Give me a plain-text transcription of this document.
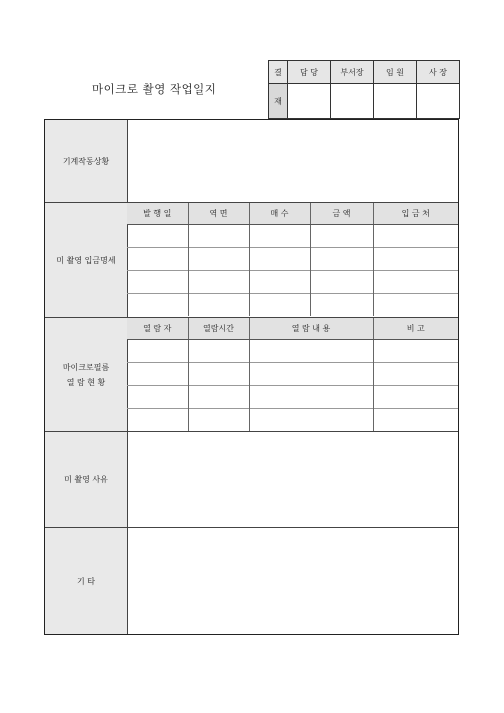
마이크로 촬영 작업일지
결	담 당	부서장	임 원	사 장
재				
기계작동상황
미 촬영 입금명세
발 행 일	역 면	매 수	금 액	입 금 처

마이크로필름
열 람 현 황
열 람 자	열람시간	열 람 내 용	비 고

미 촬영 사유
기 타
